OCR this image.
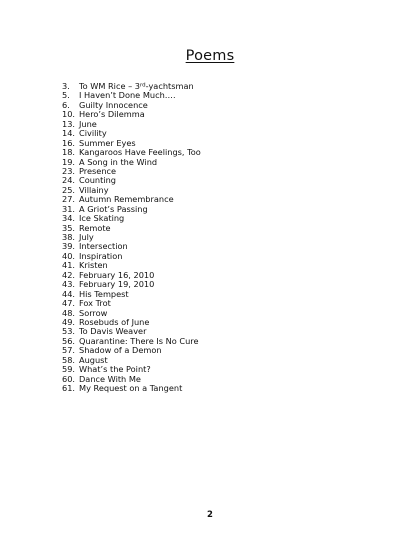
Poems
3.	To WM Rice – 3rd-yachtsman
5.	I Haven’t Done Much….
6.	Guilty Innocence
10. Hero’s Dilemma
13. June
14. Civility
16. Summer Eyes
18. Kangaroos Have Feelings, Too
19. A Song in the Wind
23. Presence
24. Counting
25. Villainy
27. Autumn Remembrance
31. A Griot’s Passing
34. Ice Skating
35. Remote
38. July
39. Intersection
40. Inspiration
41. Kristen
42. February 16, 2010
43. February 19, 2010
44. His Tempest
47. Fox Trot
48. Sorrow
49. Rosebuds of June
53. To Davis Weaver
56. Quarantine: There Is No Cure
57. Shadow of a Demon
58. August
59. What’s the Point?
60. Dance With Me
61. My Request on a Tangent
2
